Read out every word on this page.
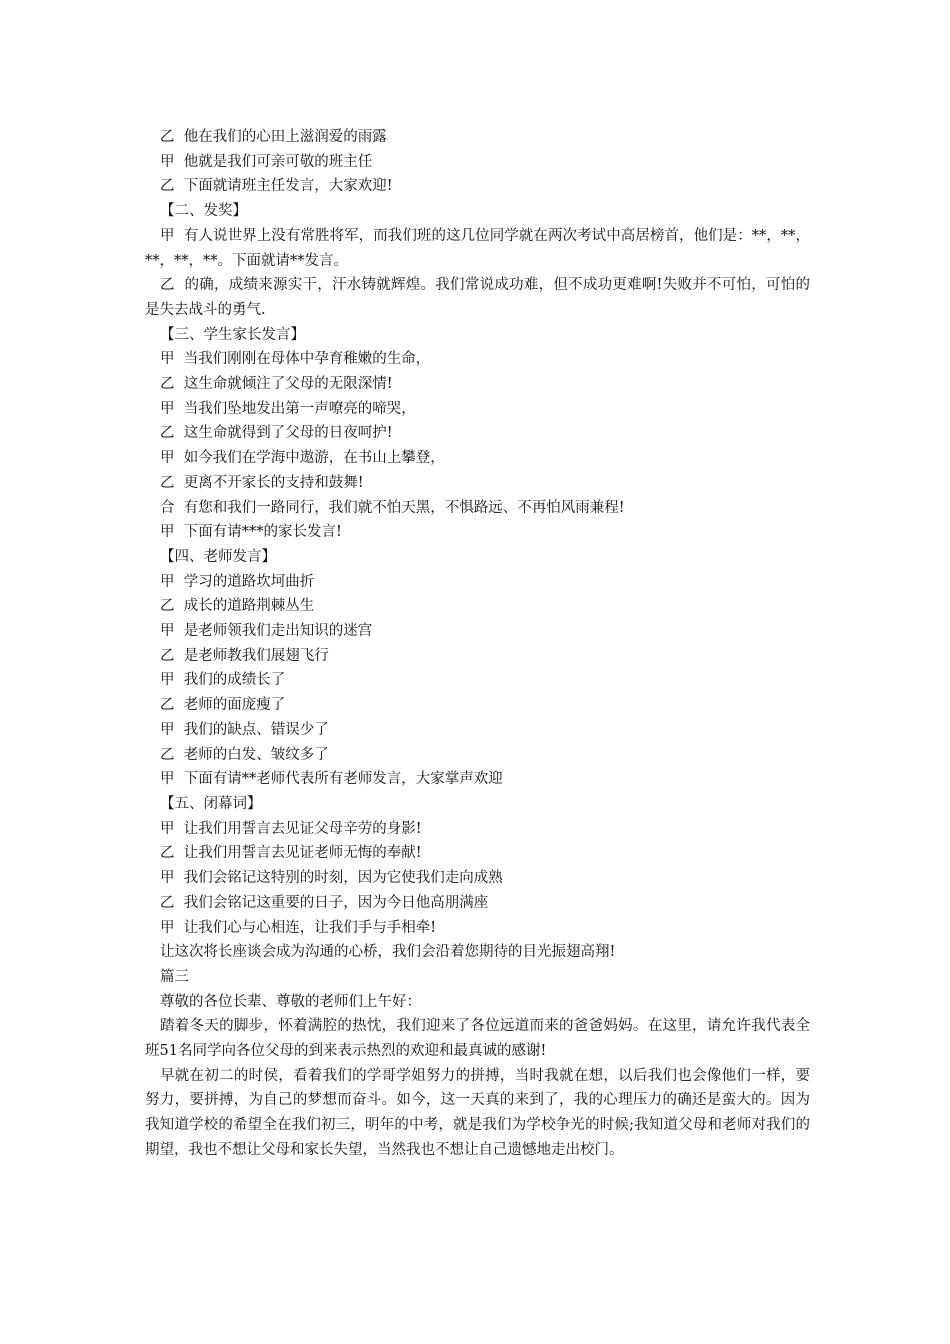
乙  他在我们的心田上滋润爱的雨露

甲  他就是我们可亲可敬的班主任

乙  下面就请班主任发言，大家欢迎!

【二、发奖】

甲  有人说世界上没有常胜将军，而我们班的这几位同学就在两次考试中高居榜首，他们是：**，**，**，**，**。下面就请**发言。

乙  的确，成绩来源实干，汗水铸就辉煌。我们常说成功难，但不成功更难啊!失败并不可怕，可怕的是失去战斗的勇气.

【三、学生家长发言】

甲  当我们刚刚在母体中孕育稚嫩的生命，

乙  这生命就倾注了父母的无限深情!

甲  当我们坠地发出第一声嘹亮的啼哭，

乙  这生命就得到了父母的日夜呵护!

甲  如今我们在学海中遨游，在书山上攀登，

乙  更离不开家长的支持和鼓舞!

合  有您和我们一路同行，我们就不怕天黑，不惧路远、不再怕风雨兼程!

甲  下面有请***的家长发言!

【四、老师发言】

甲  学习的道路坎坷曲折

乙  成长的道路荆棘丛生

甲  是老师领我们走出知识的迷宫

乙  是老师教我们展翅飞行

甲  我们的成绩长了

乙  老师的面庞瘦了

甲  我们的缺点、错误少了

乙  老师的白发、皱纹多了

甲  下面有请**老师代表所有老师发言，大家掌声欢迎

【五、闭幕词】

甲  让我们用誓言去见证父母辛劳的身影!

乙  让我们用誓言去见证老师无悔的奉献!

甲  我们会铭记这特别的时刻，因为它使我们走向成熟

乙  我们会铭记这重要的日子，因为今日他高朋满座

甲  让我们心与心相连，让我们手与手相牵!

让这次将长座谈会成为沟通的心桥，我们会沿着您期待的目光振翅高翔!

篇三

尊敬的各位长辈、尊敬的老师们上午好：

踏着冬天的脚步，怀着满腔的热忱，我们迎来了各位远道而来的爸爸妈妈。在这里，请允许我代表全班51名同学向各位父母的到来表示热烈的欢迎和最真诚的感谢!

早就在初二的时侯，看着我们的学哥学姐努力的拼搏，当时我就在想，以后我们也会像他们一样，要努力，要拼搏，为自己的梦想而奋斗。如今，这一天真的来到了，我的心理压力的确还是蛮大的。因为我知道学校的希望全在我们初三，明年的中考，就是我们为学校争光的时候;我知道父母和老师对我们的期望，我也不想让父母和家长失望，当然我也不想让自己遗憾地走出校门。
